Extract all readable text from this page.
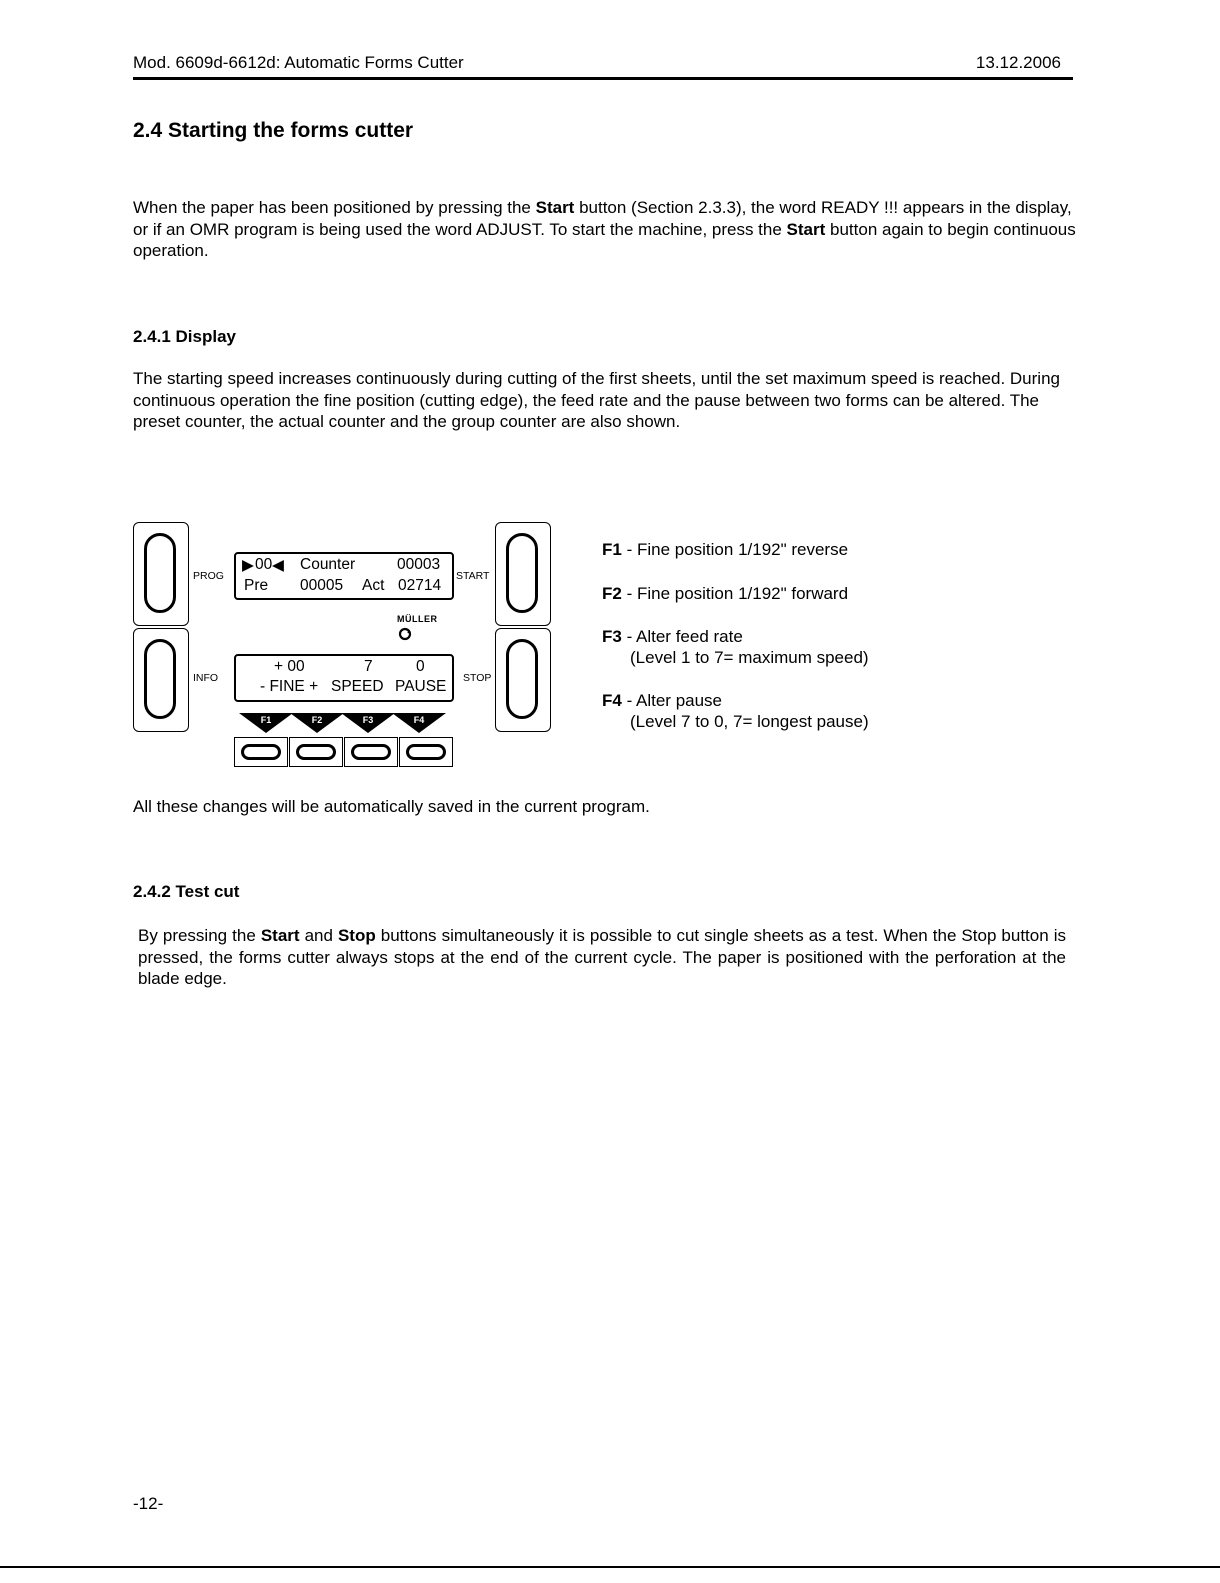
Mod. 6609d-6612d: Automatic Forms Cutter	13.12.2006
2.4 Starting the forms cutter

When the paper has been positioned by pressing the Start button (Section 2.3.3), the word READY !!! appears in the display, or if an OMR program is being used the word ADJUST. To start the machine, press the Start button again to begin continuous operation.

2.4.1 Display

The starting speed increases continuously during cutting of the first sheets, until the set maximum speed is reached. During continuous operation the fine position (cutting edge), the feed rate and the pause between two forms can be altered. The preset counter, the actual counter and the group counter are also shown.

PROG
INFO
START
STOP
▶ 00 ◀ Counter	00003
Pre 00005 Act 02714
MÜLLER
+ 00	7	0
- FINE + SPEED PAUSE
F1	F2	F3	F4
F1 - Fine position 1/192" reverse
F2 - Fine position 1/192" forward
F3 - Alter feed rate
(Level 1 to 7= maximum speed)
F4 - Alter pause
(Level 7 to 0, 7= longest pause)

All these changes will be automatically saved in the current program.

2.4.2 Test cut

By pressing the Start and Stop buttons simultaneously it is possible to cut single sheets as a test. When the Stop button is pressed, the forms cutter always stops at the end of the current cycle. The paper is positioned with the perforation at the blade edge.

-12-
